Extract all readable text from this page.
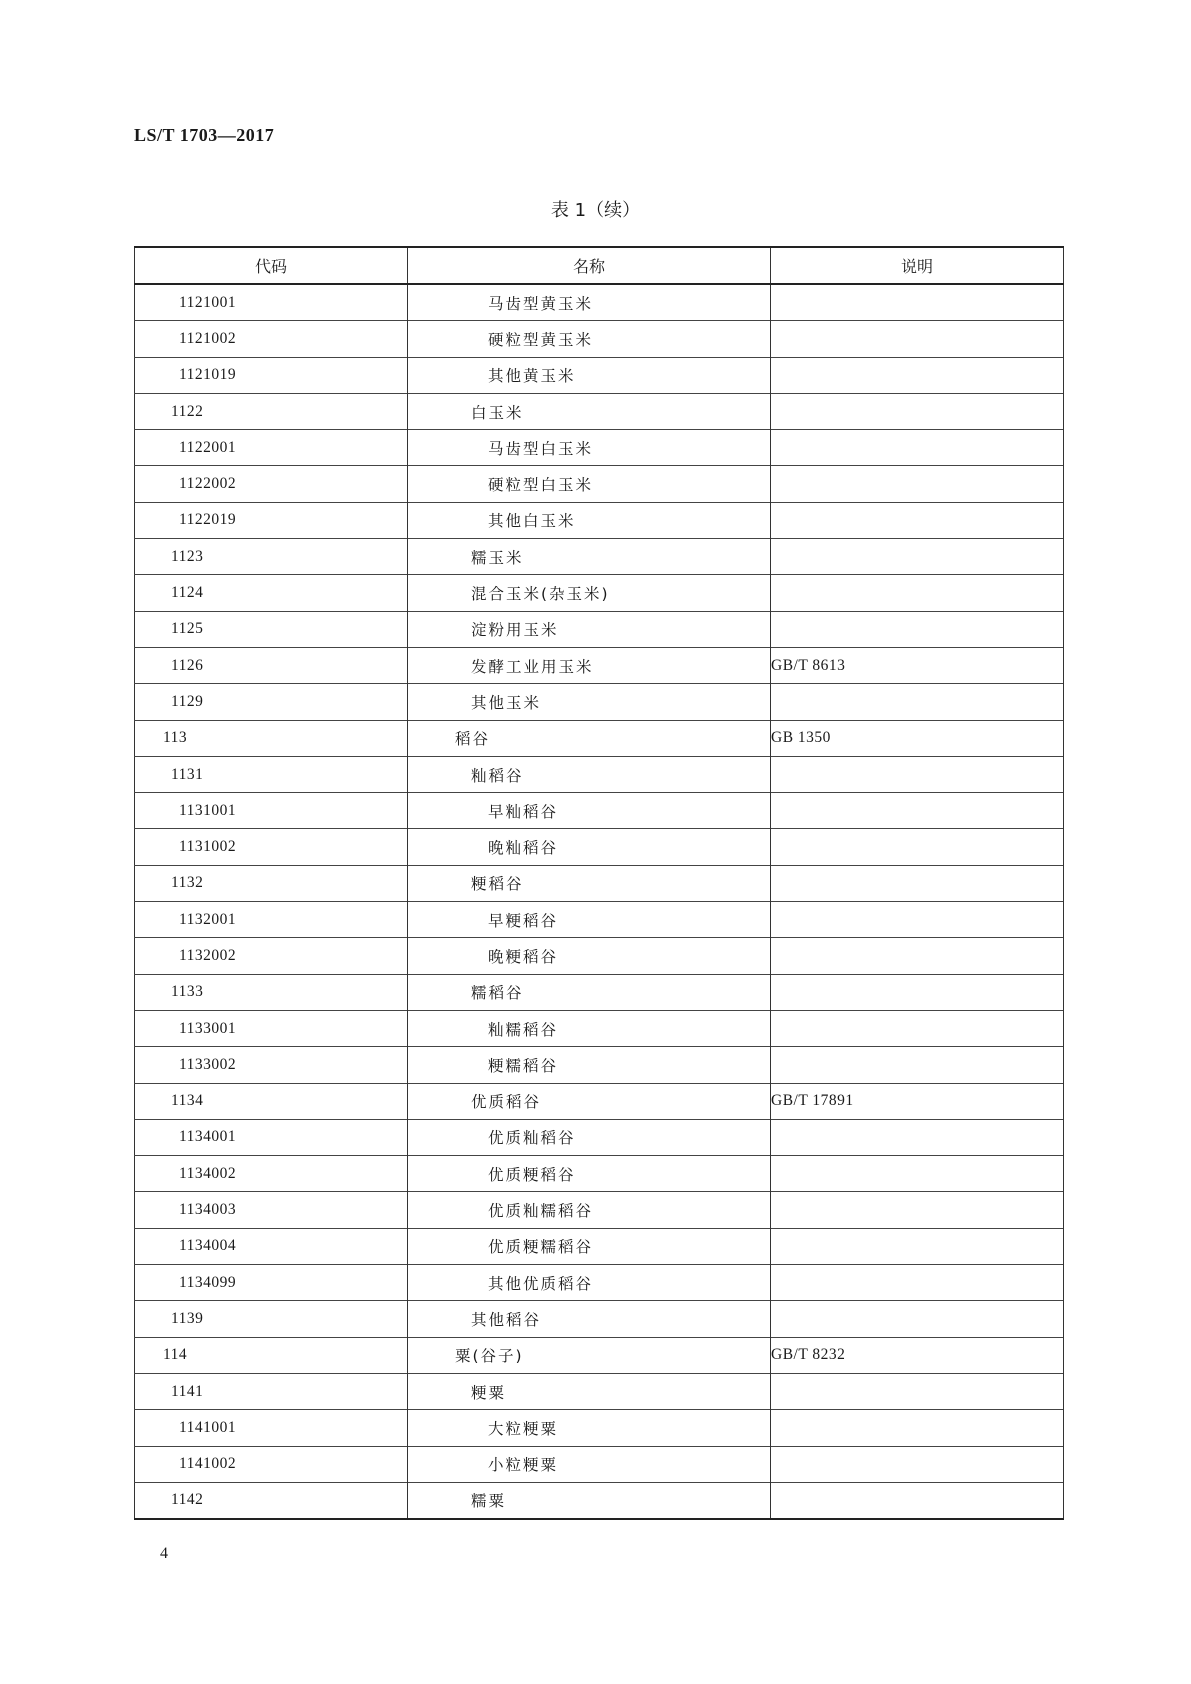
LS/T 1703—2017
表 1（续）
代码	名称	说明
1121001	马齿型黄玉米	
1121002	硬粒型黄玉米	
1121019	其他黄玉米	
1122	白玉米	
1122001	马齿型白玉米	
1122002	硬粒型白玉米	
1122019	其他白玉米	
1123	糯玉米	
1124	混合玉米(杂玉米)	
1125	淀粉用玉米	
1126	发酵工业用玉米	GB/T 8613
1129	其他玉米	
113	稻谷	GB 1350
1131	籼稻谷	
1131001	早籼稻谷	
1131002	晚籼稻谷	
1132	粳稻谷	
1132001	早粳稻谷	
1132002	晚粳稻谷	
1133	糯稻谷	
1133001	籼糯稻谷	
1133002	粳糯稻谷	
1134	优质稻谷	GB/T 17891
1134001	优质籼稻谷	
1134002	优质粳稻谷	
1134003	优质籼糯稻谷	
1134004	优质粳糯稻谷	
1134099	其他优质稻谷	
1139	其他稻谷	
114	粟(谷子)	GB/T 8232
1141	粳粟	
1141001	大粒粳粟	
1141002	小粒粳粟	
1142	糯粟	
4
